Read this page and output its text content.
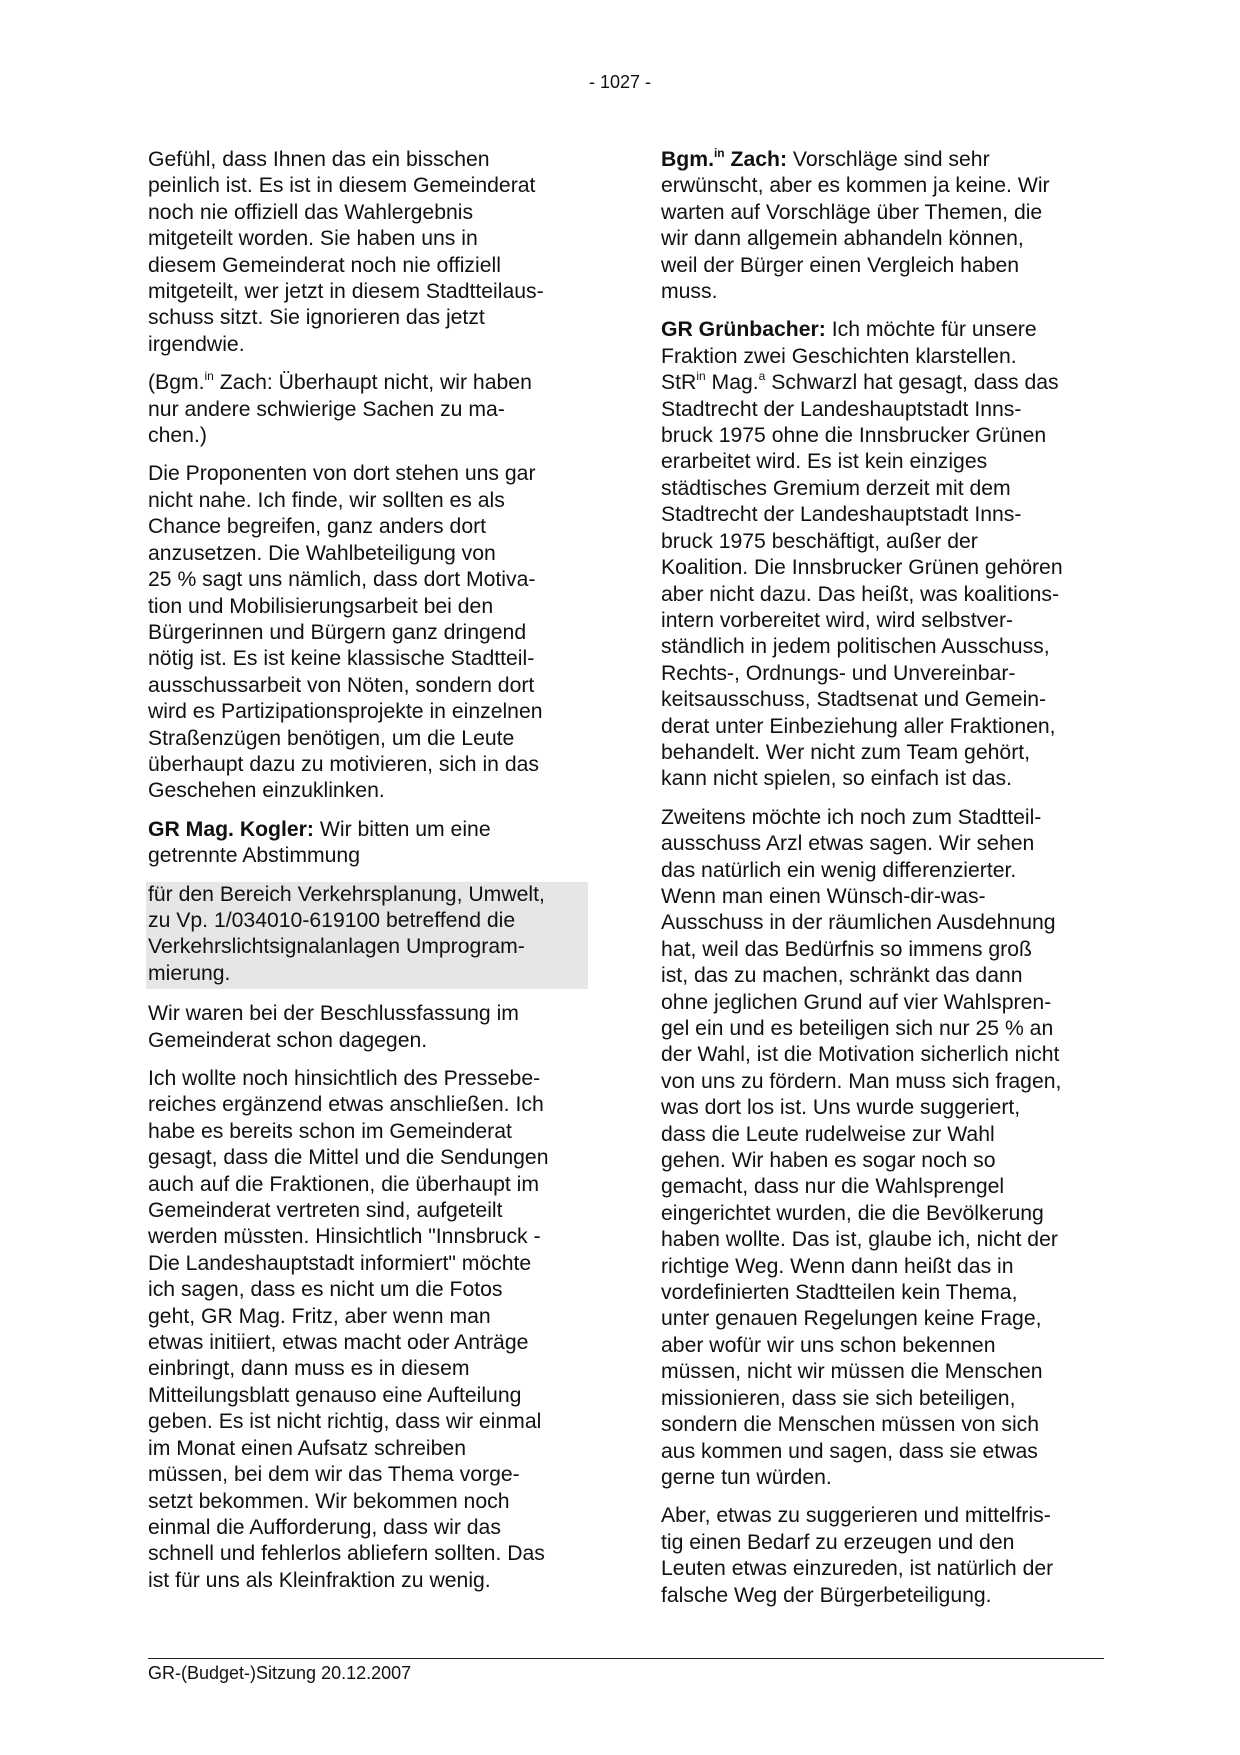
- 1027 -

Gefühl, dass Ihnen das ein bisschen
peinlich ist. Es ist in diesem Gemeinderat
noch nie offiziell das Wahlergebnis
mitgeteilt worden. Sie haben uns in
diesem Gemeinderat noch nie offiziell
mitgeteilt, wer jetzt in diesem Stadtteilaus-
schuss sitzt. Sie ignorieren das jetzt
irgendwie.

(Bgm.$^{in}$ Zach: Überhaupt nicht, wir haben
nur andere schwierige Sachen zu ma-
chen.)

Die Proponenten von dort stehen uns gar
nicht nahe. Ich finde, wir sollten es als
Chance begreifen, ganz anders dort
anzusetzen. Die Wahlbeteiligung von
25 % sagt uns nämlich, dass dort Motiva-
tion und Mobilisierungsarbeit bei den
Bürgerinnen und Bürgern ganz dringend
nötig ist. Es ist keine klassische Stadtteil-
ausschussarbeit von Nöten, sondern dort
wird es Partizipationsprojekte in einzelnen
Straßenzügen benötigen, um die Leute
überhaupt dazu zu motivieren, sich in das
Geschehen einzuklinken.

GR Mag. Kogler: Wir bitten um eine
getrennte Abstimmung

für den Bereich Verkehrsplanung, Umwelt,
zu Vp. 1/034010-619100 betreffend die
Verkehrslichtsignalanlagen Umprogram-
mierung.

Wir waren bei der Beschlussfassung im
Gemeinderat schon dagegen.

Ich wollte noch hinsichtlich des Pressebe-
reiches ergänzend etwas anschließen. Ich
habe es bereits schon im Gemeinderat
gesagt, dass die Mittel und die Sendungen
auch auf die Fraktionen, die überhaupt im
Gemeinderat vertreten sind, aufgeteilt
werden müssten. Hinsichtlich "Innsbruck -
Die Landeshauptstadt informiert" möchte
ich sagen, dass es nicht um die Fotos
geht, GR Mag. Fritz, aber wenn man
etwas initiiert, etwas macht oder Anträge
einbringt, dann muss es in diesem
Mitteilungsblatt genauso eine Aufteilung
geben. Es ist nicht richtig, dass wir einmal
im Monat einen Aufsatz schreiben
müssen, bei dem wir das Thema vorge-
setzt bekommen. Wir bekommen noch
einmal die Aufforderung, dass wir das
schnell und fehlerlos abliefern sollten. Das
ist für uns als Kleinfraktion zu wenig.

Bgm.$^{in}$ Zach: Vorschläge sind sehr
erwünscht, aber es kommen ja keine. Wir
warten auf Vorschläge über Themen, die
wir dann allgemein abhandeln können,
weil der Bürger einen Vergleich haben
muss.

GR Grünbacher: Ich möchte für unsere
Fraktion zwei Geschichten klarstellen.
StR$^{in}$ Mag.$^a$ Schwarzl hat gesagt, dass das
Stadtrecht der Landeshauptstadt Inns-
bruck 1975 ohne die Innsbrucker Grünen
erarbeitet wird. Es ist kein einziges
städtisches Gremium derzeit mit dem
Stadtrecht der Landeshauptstadt Inns-
bruck 1975 beschäftigt, außer der
Koalition. Die Innsbrucker Grünen gehören
aber nicht dazu. Das heißt, was koalitions-
intern vorbereitet wird, wird selbstver-
ständlich in jedem politischen Ausschuss,
Rechts-, Ordnungs- und Unvereinbar-
keitsausschuss, Stadtsenat und Gemein-
derat unter Einbeziehung aller Fraktionen,
behandelt. Wer nicht zum Team gehört,
kann nicht spielen, so einfach ist das.

Zweitens möchte ich noch zum Stadtteil-
ausschuss Arzl etwas sagen. Wir sehen
das natürlich ein wenig differenzierter.
Wenn man einen Wünsch-dir-was-
Ausschuss in der räumlichen Ausdehnung
hat, weil das Bedürfnis so immens groß
ist, das zu machen, schränkt das dann
ohne jeglichen Grund auf vier Wahlspren-
gel ein und es beteiligen sich nur 25 % an
der Wahl, ist die Motivation sicherlich nicht
von uns zu fördern. Man muss sich fragen,
was dort los ist. Uns wurde suggeriert,
dass die Leute rudelweise zur Wahl
gehen. Wir haben es sogar noch so
gemacht, dass nur die Wahlsprengel
eingerichtet wurden, die die Bevölkerung
haben wollte. Das ist, glaube ich, nicht der
richtige Weg. Wenn dann heißt das in
vordefinierten Stadtteilen kein Thema,
unter genauen Regelungen keine Frage,
aber wofür wir uns schon bekennen
müssen, nicht wir müssen die Menschen
missionieren, dass sie sich beteiligen,
sondern die Menschen müssen von sich
aus kommen und sagen, dass sie etwas
gerne tun würden.

Aber, etwas zu suggerieren und mittelfris-
tig einen Bedarf zu erzeugen und den
Leuten etwas einzureden, ist natürlich der
falsche Weg der Bürgerbeteiligung.

GR-(Budget-)Sitzung 20.12.2007
